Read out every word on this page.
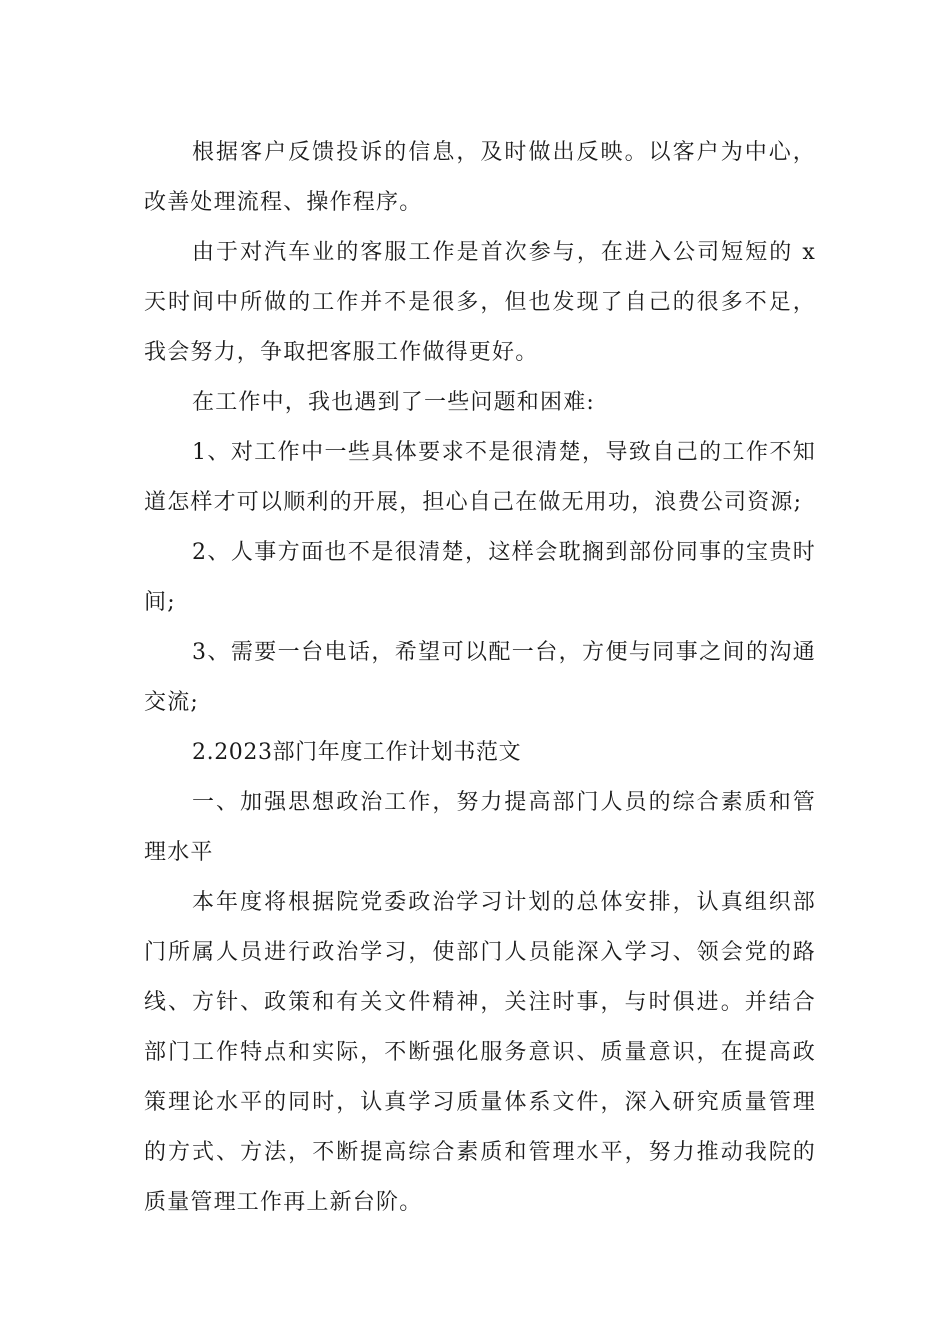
根据客户反馈投诉的信息，及时做出反映。以客户为中心，改善处理流程、操作程序。

由于对汽车业的客服工作是首次参与，在进入公司短短的 x 天时间中所做的工作并不是很多，但也发现了自己的很多不足，我会努力，争取把客服工作做得更好。

在工作中，我也遇到了一些问题和困难:

1、对工作中一些具体要求不是很清楚，导致自己的工作不知道怎样才可以顺利的开展，担心自己在做无用功，浪费公司资源;

2、人事方面也不是很清楚，这样会耽搁到部份同事的宝贵时间;

3、需要一台电话，希望可以配一台，方便与同事之间的沟通交流;

2.2023部门年度工作计划书范文

一、加强思想政治工作，努力提高部门人员的综合素质和管理水平

本年度将根据院党委政治学习计划的总体安排，认真组织部门所属人员进行政治学习，使部门人员能深入学习、领会党的路线、方针、政策和有关文件精神，关注时事，与时俱进。并结合部门工作特点和实际，不断强化服务意识、质量意识，在提高政策理论水平的同时，认真学习质量体系文件，深入研究质量管理的方式、方法，不断提高综合素质和管理水平，努力推动我院的质量管理工作再上新台阶。
